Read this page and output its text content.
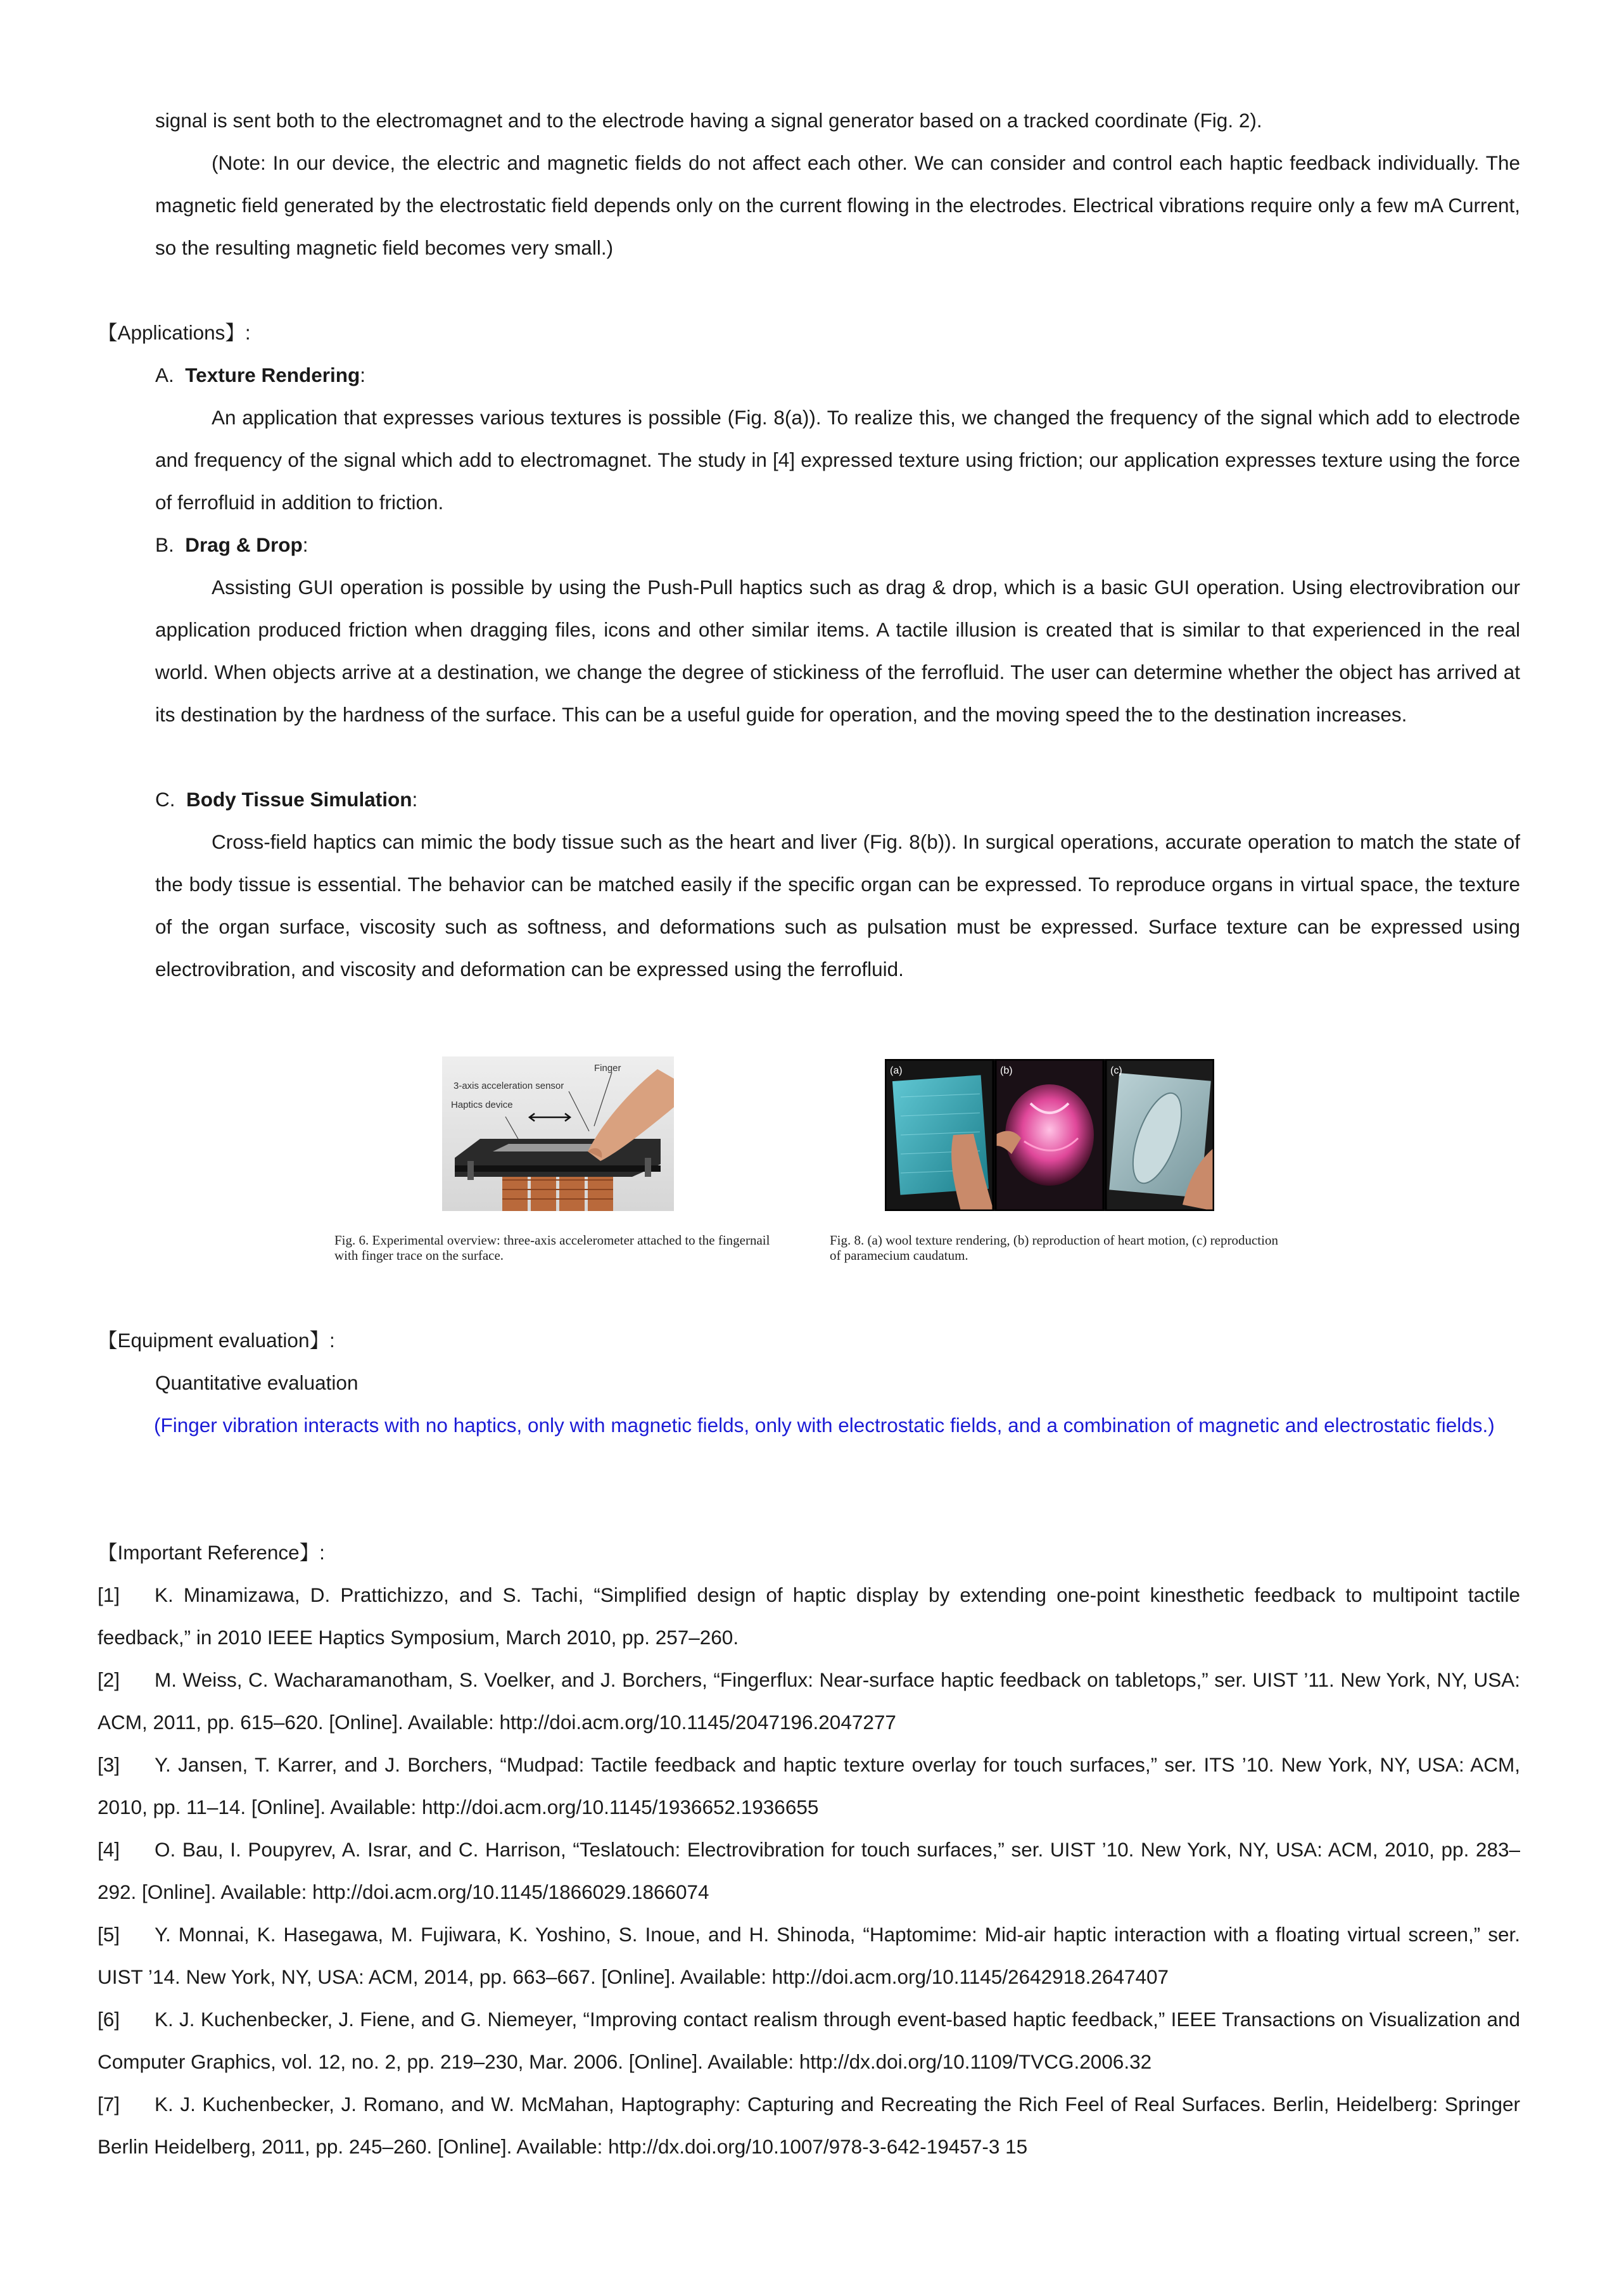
signal is sent both to the electromagnet and to the electrode having a signal generator based on a tracked coordinate (Fig. 2).
(Note: In our device, the electric and magnetic fields do not affect each other. We can consider and control each haptic feedback individually. The magnetic field generated by the electrostatic field depends only on the current flowing in the electrodes. Electrical vibrations require only a few mA Current, so the resulting magnetic field becomes very small.)
【Applications】:
A. Texture Rendering:
An application that expresses various textures is possible (Fig. 8(a)). To realize this, we changed the frequency of the signal which add to electrode and frequency of the signal which add to electromagnet. The study in [4] expressed texture using friction; our application expresses texture using the force of ferrofluid in addition to friction.
B. Drag & Drop:
Assisting GUI operation is possible by using the Push-Pull haptics such as drag & drop, which is a basic GUI operation. Using electrovibration our application produced friction when dragging files, icons and other similar items. A tactile illusion is created that is similar to that experienced in the real world. When objects arrive at a destination, we change the degree of stickiness of the ferrofluid. The user can determine whether the object has arrived at its destination by the hardness of the surface. This can be a useful guide for operation, and the moving speed the to the destination increases.
C. Body Tissue Simulation:
Cross-field haptics can mimic the body tissue such as the heart and liver (Fig. 8(b)). In surgical operations, accurate operation to match the state of the body tissue is essential. The behavior can be matched easily if the specific organ can be expressed. To reproduce organs in virtual space, the texture of the organ surface, viscosity such as softness, and deformations such as pulsation must be expressed. Surface texture can be expressed using electrovibration, and viscosity and deformation can be expressed using the ferrofluid.
Finger
3-axis acceleration sensor
Haptics device
Fig. 6. Experimental overview: three-axis accelerometer attached to the fingernail with finger trace on the surface.
(a)	(b)	(c)
Fig. 8. (a) wool texture rendering, (b) reproduction of heart motion, (c) reproduction of paramecium caudatum.
【Equipment evaluation】:
Quantitative evaluation
(Finger vibration interacts with no haptics, only with magnetic fields, only with electrostatic fields, and a combination of magnetic and electrostatic fields.)
【Important Reference】:
[1] K. Minamizawa, D. Prattichizzo, and S. Tachi, “Simplified design of haptic display by extending one-point kinesthetic feedback to multipoint tactile feedback,” in 2010 IEEE Haptics Symposium, March 2010, pp. 257–260.
[2] M. Weiss, C. Wacharamanotham, S. Voelker, and J. Borchers, “Fingerflux: Near-surface haptic feedback on tabletops,” ser. UIST ’11. New York, NY, USA: ACM, 2011, pp. 615–620. [Online]. Available: http://doi.acm.org/10.1145/2047196.2047277
[3] Y. Jansen, T. Karrer, and J. Borchers, “Mudpad: Tactile feedback and haptic texture overlay for touch surfaces,” ser. ITS ’10. New York, NY, USA: ACM, 2010, pp. 11–14. [Online]. Available: http://doi.acm.org/10.1145/1936652.1936655
[4] O. Bau, I. Poupyrev, A. Israr, and C. Harrison, “Teslatouch: Electrovibration for touch surfaces,” ser. UIST ’10. New York, NY, USA: ACM, 2010, pp. 283–292. [Online]. Available: http://doi.acm.org/10.1145/1866029.1866074
[5] Y. Monnai, K. Hasegawa, M. Fujiwara, K. Yoshino, S. Inoue, and H. Shinoda, “Haptomime: Mid-air haptic interaction with a floating virtual screen,” ser. UIST ’14. New York, NY, USA: ACM, 2014, pp. 663–667. [Online]. Available: http://doi.acm.org/10.1145/2642918.2647407
[6] K. J. Kuchenbecker, J. Fiene, and G. Niemeyer, “Improving contact realism through event-based haptic feedback,” IEEE Transactions on Visualization and Computer Graphics, vol. 12, no. 2, pp. 219–230, Mar. 2006. [Online]. Available: http://dx.doi.org/10.1109/TVCG.2006.32
[7] K. J. Kuchenbecker, J. Romano, and W. McMahan, Haptography: Capturing and Recreating the Rich Feel of Real Surfaces. Berlin, Heidelberg: Springer Berlin Heidelberg, 2011, pp. 245–260. [Online]. Available: http://dx.doi.org/10.1007/978-3-642-19457-3 15
